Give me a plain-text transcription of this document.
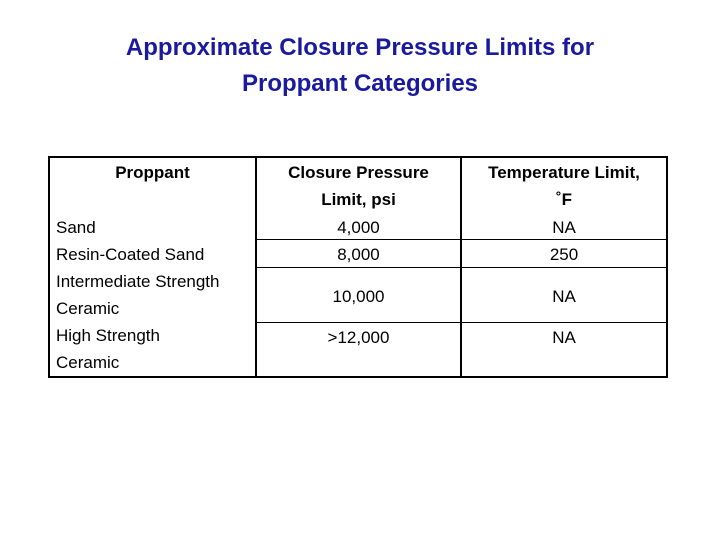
Approximate Closure Pressure Limits for
Proppant Categories
Proppant	Closure Pressure
Limit, psi
Temperature Limit,
˚F
Sand
Resin-Coated Sand
Intermediate Strength
Ceramic
High Strength
Ceramic
4,000
8,000
10,000
>12,000
NA
250
NA
NA
